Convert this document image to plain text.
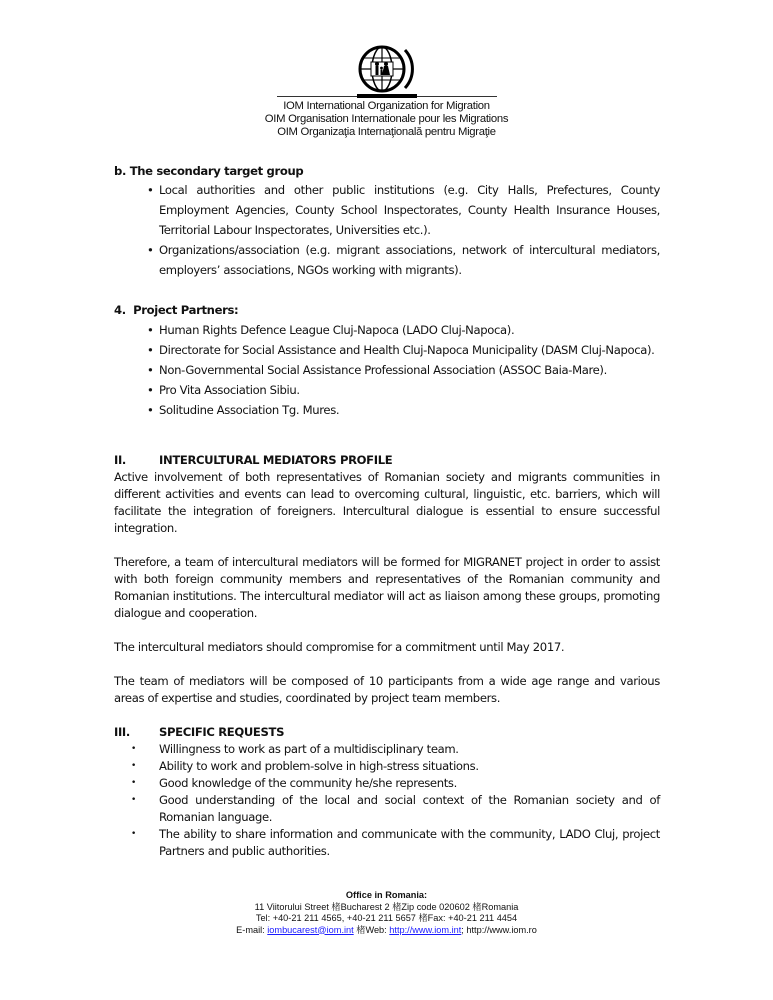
IOM International Organization for Migration
OIM Organisation Internationale pour les Migrations
OIM Organizaţia Internaţională pentru Migraţie
b. The secondary target group
• Local authorities and other public institutions (e.g. City Halls, Prefectures, County Employment Agencies, County School Inspectorates, County Health Insurance Houses, Territorial Labour Inspectorates, Universities etc.).
• Organizations/association (e.g. migrant associations, network of intercultural mediators, employers’ associations, NGOs working with migrants).
4.  Project Partners:
• Human Rights Defence League Cluj-Napoca (LADO Cluj-Napoca).
• Directorate for Social Assistance and Health Cluj-Napoca Municipality (DASM Cluj-Napoca).
• Non-Governmental Social Assistance Professional Association (ASSOC Baia-Mare).
• Pro Vita Association Sibiu.
• Solitudine Association Tg. Mures.
II.	INTERCULTURAL MEDIATORS PROFILE

Active involvement of both representatives of Romanian society and migrants communities in different activities and events can lead to overcoming cultural, linguistic, etc. barriers, which will facilitate the integration of foreigners. Intercultural dialogue is essential to ensure successful integration.

Therefore, a team of intercultural mediators will be formed for MIGRANET project in order to assist with both foreign community members and representatives of the Romanian community and Romanian institutions. The intercultural mediator will act as liaison among these groups, promoting dialogue and cooperation.

The intercultural mediators should compromise for a commitment until May 2017.

The team of mediators will be composed of 10 participants from a wide age range and various areas of expertise and studies, coordinated by project team members.

III.	SPECIFIC REQUESTS
• Willingness to work as part of a multidisciplinary team.
• Ability to work and problem-solve in high-stress situations.
• Good knowledge of the community he/she represents.
• Good understanding of the local and social context of the Romanian society and of Romanian language.
• The ability to share information and communicate with the community, LADO Cluj, project Partners and public authorities.
Office in Romania:
11 Viitorului Street 楮Bucharest 2 楮Zip code 020602 楮Romania
Tel: +40-21 211 4565, +40-21 211 5657 楮Fax: +40-21 211 4454
E-mail: iombucarest@iom.int 楮Web: http://www.iom.int; http://www.iom.ro
